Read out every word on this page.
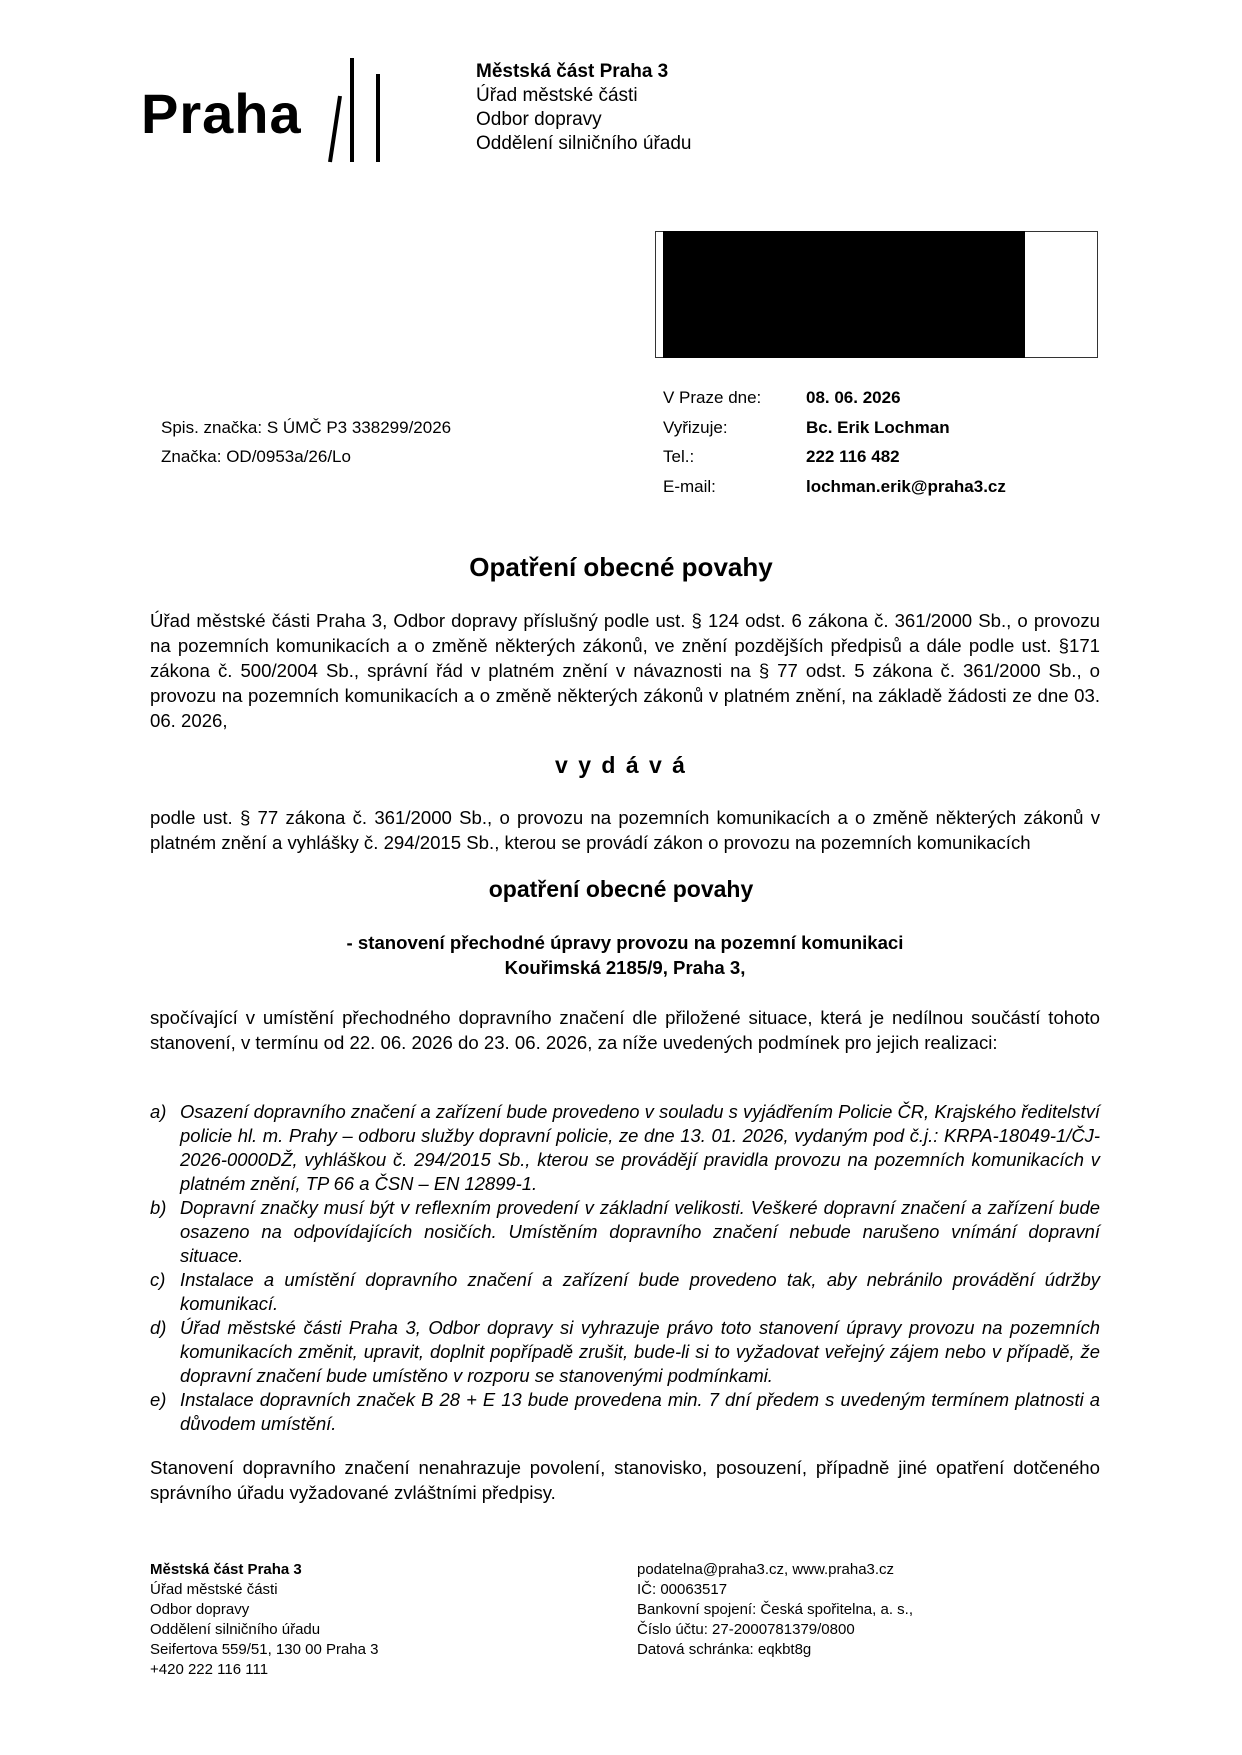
Praha
Městská část Praha 3
Úřad městské části
Odbor dopravy
Oddělení silničního úřadu
Spis. značka: S ÚMČ P3 338299/2026
Značka: OD/0953a/26/Lo
V Praze dne:	08. 06. 2026
Vyřizuje:	Bc. Erik Lochman
Tel.:	222 116 482
E-mail:	lochman.erik@praha3.cz
Opatření obecné povahy
Úřad městské části Praha 3, Odbor dopravy příslušný podle ust. § 124 odst. 6 zákona č. 361/2000 Sb., o provozu na pozemních komunikacích a o změně některých zákonů, ve znění pozdějších předpisů a dále podle ust. §171 zákona č. 500/2004 Sb., správní řád v platném znění v návaznosti na § 77 odst. 5 zákona č. 361/2000 Sb., o provozu na pozemních komunikacích a o změně některých zákonů v platném znění, na základě žádosti ze dne 03. 06. 2026,
v y d á v á
podle ust. § 77 zákona č. 361/2000 Sb., o provozu na pozemních komunikacích a o změně některých zákonů v platném znění a vyhlášky č. 294/2015 Sb., kterou se provádí zákon o provozu na pozemních komunikacích
opatření obecné povahy
- stanovení přechodné úpravy provozu na pozemní komunikaci
Kouřimská 2185/9, Praha 3,
spočívající v umístění přechodného dopravního značení dle přiložené situace, která je nedílnou součástí tohoto stanovení, v termínu od 22. 06. 2026 do 23. 06. 2026, za níže uvedených podmínek pro jejich realizaci:
a) Osazení dopravního značení a zařízení bude provedeno v souladu s vyjádřením Policie ČR, Krajského ředitelství policie hl. m. Prahy – odboru služby dopravní policie, ze dne 13. 01. 2026, vydaným pod č.j.: KRPA-18049-1/ČJ-2026-0000DŽ, vyhláškou č. 294/2015 Sb., kterou se provádějí pravidla provozu na pozemních komunikacích v platném znění, TP 66 a ČSN – EN 12899-1.
b) Dopravní značky musí být v reflexním provedení v základní velikosti. Veškeré dopravní značení a zařízení bude osazeno na odpovídajících nosičích. Umístěním dopravního značení nebude narušeno vnímání dopravní situace.
c) Instalace a umístění dopravního značení a zařízení bude provedeno tak, aby nebránilo provádění údržby komunikací.
d) Úřad městské části Praha 3, Odbor dopravy si vyhrazuje právo toto stanovení úpravy provozu na pozemních komunikacích změnit, upravit, doplnit popřípadě zrušit, bude-li si to vyžadovat veřejný zájem nebo v případě, že dopravní značení bude umístěno v rozporu se stanovenými podmínkami.
e) Instalace dopravních značek B 28 + E 13 bude provedena min. 7 dní předem s uvedeným termínem platnosti a důvodem umístění.
Stanovení dopravního značení nenahrazuje povolení, stanovisko, posouzení, případně jiné opatření dotčeného správního úřadu vyžadované zvláštními předpisy.
Městská část Praha 3
Úřad městské části
Odbor dopravy
Oddělení silničního úřadu
Seifertova 559/51, 130 00 Praha 3
+420 222 116 111
podatelna@praha3.cz, www.praha3.cz
IČ: 00063517
Bankovní spojení: Česká spořitelna, a. s.,
Číslo účtu: 27-2000781379/0800
Datová schránka: eqkbt8g
